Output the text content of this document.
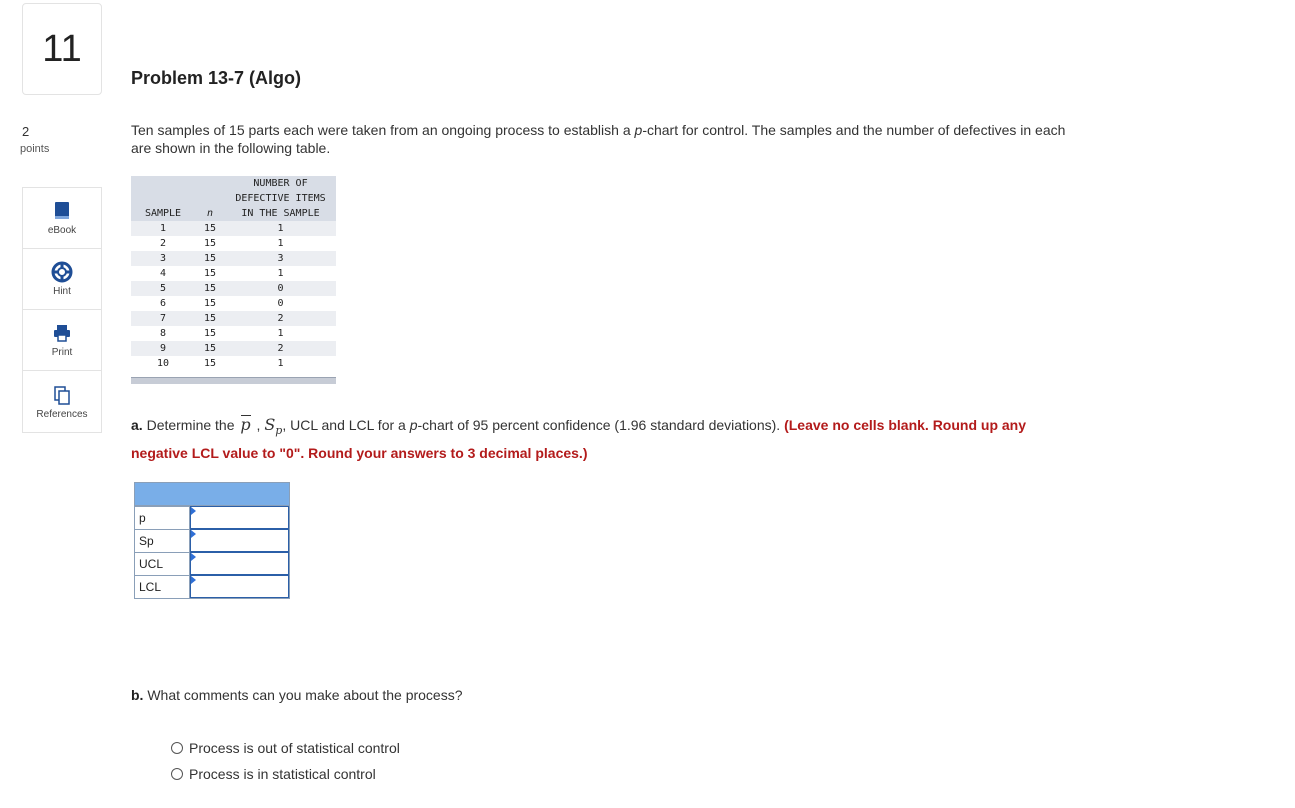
11
2
points
eBook
Hint
Print
References
Problem 13-7 (Algo)
Ten samples of 15 parts each were taken from an ongoing process to establish a p-chart for control. The samples and the number of defectives in each are shown in the following table.
SAMPLE	n	NUMBER OF
DEFECTIVE ITEMS
IN THE SAMPLE
1	15	1
2	15	1
3	15	3
4	15	1
5	15	0
6	15	0
7	15	2
8	15	1
9	15	2
10	15	1
a. Determine the p , $S_p$, UCL and LCL for a p-chart of 95 percent confidence (1.96 standard deviations). (Leave no cells blank. Round up any negative LCL value to "0". Round your answers to 3 decimal places.)
p
Sp
UCL
LCL
b. What comments can you make about the process?
Process is out of statistical control
Process is in statistical control
